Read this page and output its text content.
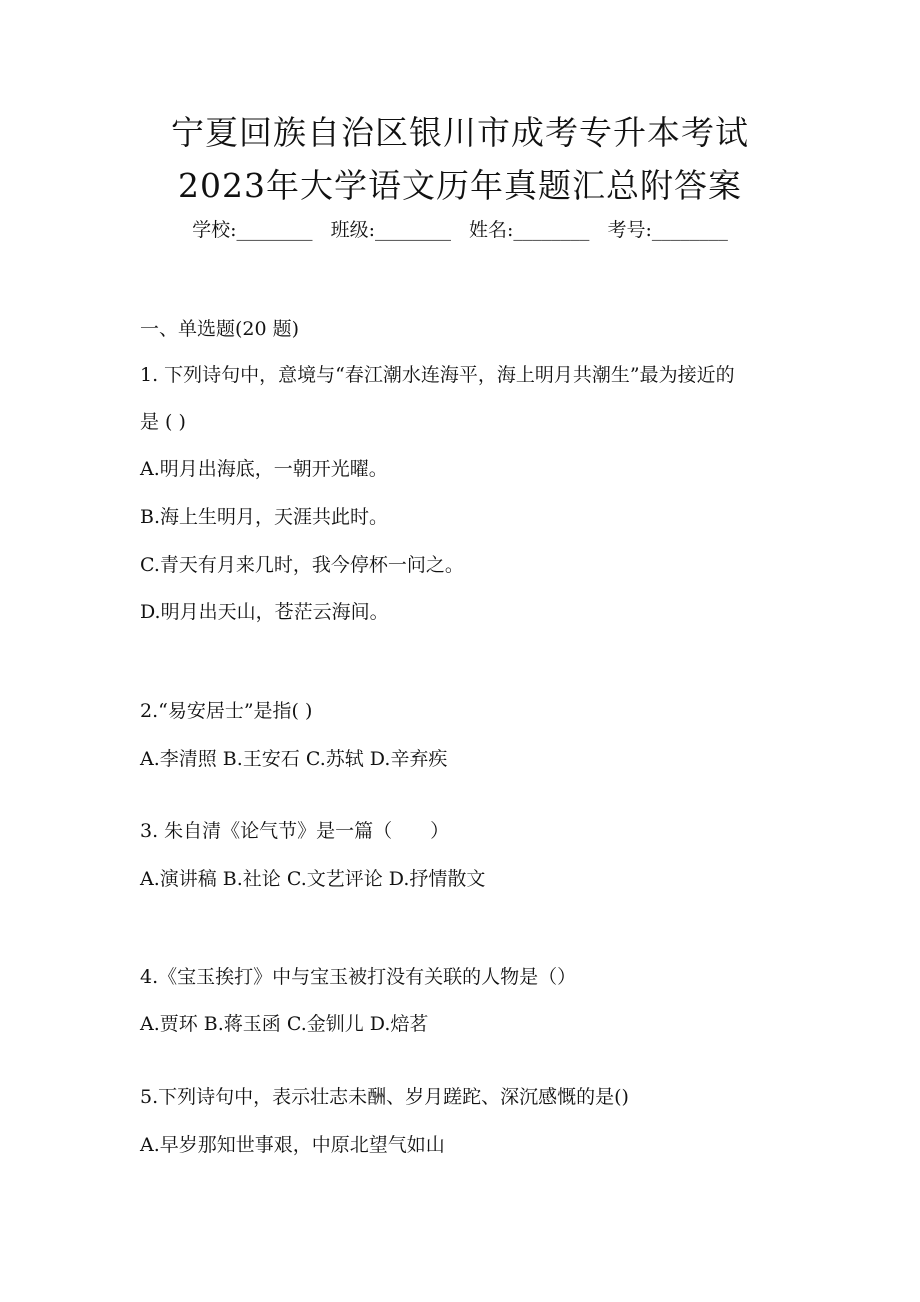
宁夏回族自治区银川市成考专升本考试
2023年大学语文历年真题汇总附答案
学校:________ 班级:________ 姓名:________ 考号:________

一、单选题(20 题)

1. 下列诗句中，意境与“春江潮水连海平，海上明月共潮生”最为接近的

是 ( )

A.明月出海底，一朝开光曜。

B.海上生明月，天涯共此时。

C.青天有月来几时，我今停杯一问之。

D.明月出天山，苍茫云海间。

2.“易安居士”是指( )

A.李清照 B.王安石 C.苏轼 D.辛弃疾

3. 朱自清《论气节》是一篇（　　）

A.演讲稿 B.社论 C.文艺评论 D.抒情散文

4.《宝玉挨打》中与宝玉被打没有关联的人物是（）

A.贾环 B.蒋玉函 C.金钏儿 D.焙茗

5.下列诗句中，表示壮志未酬、岁月蹉跎、深沉感慨的是()

A.早岁那知世事艰，中原北望气如山
